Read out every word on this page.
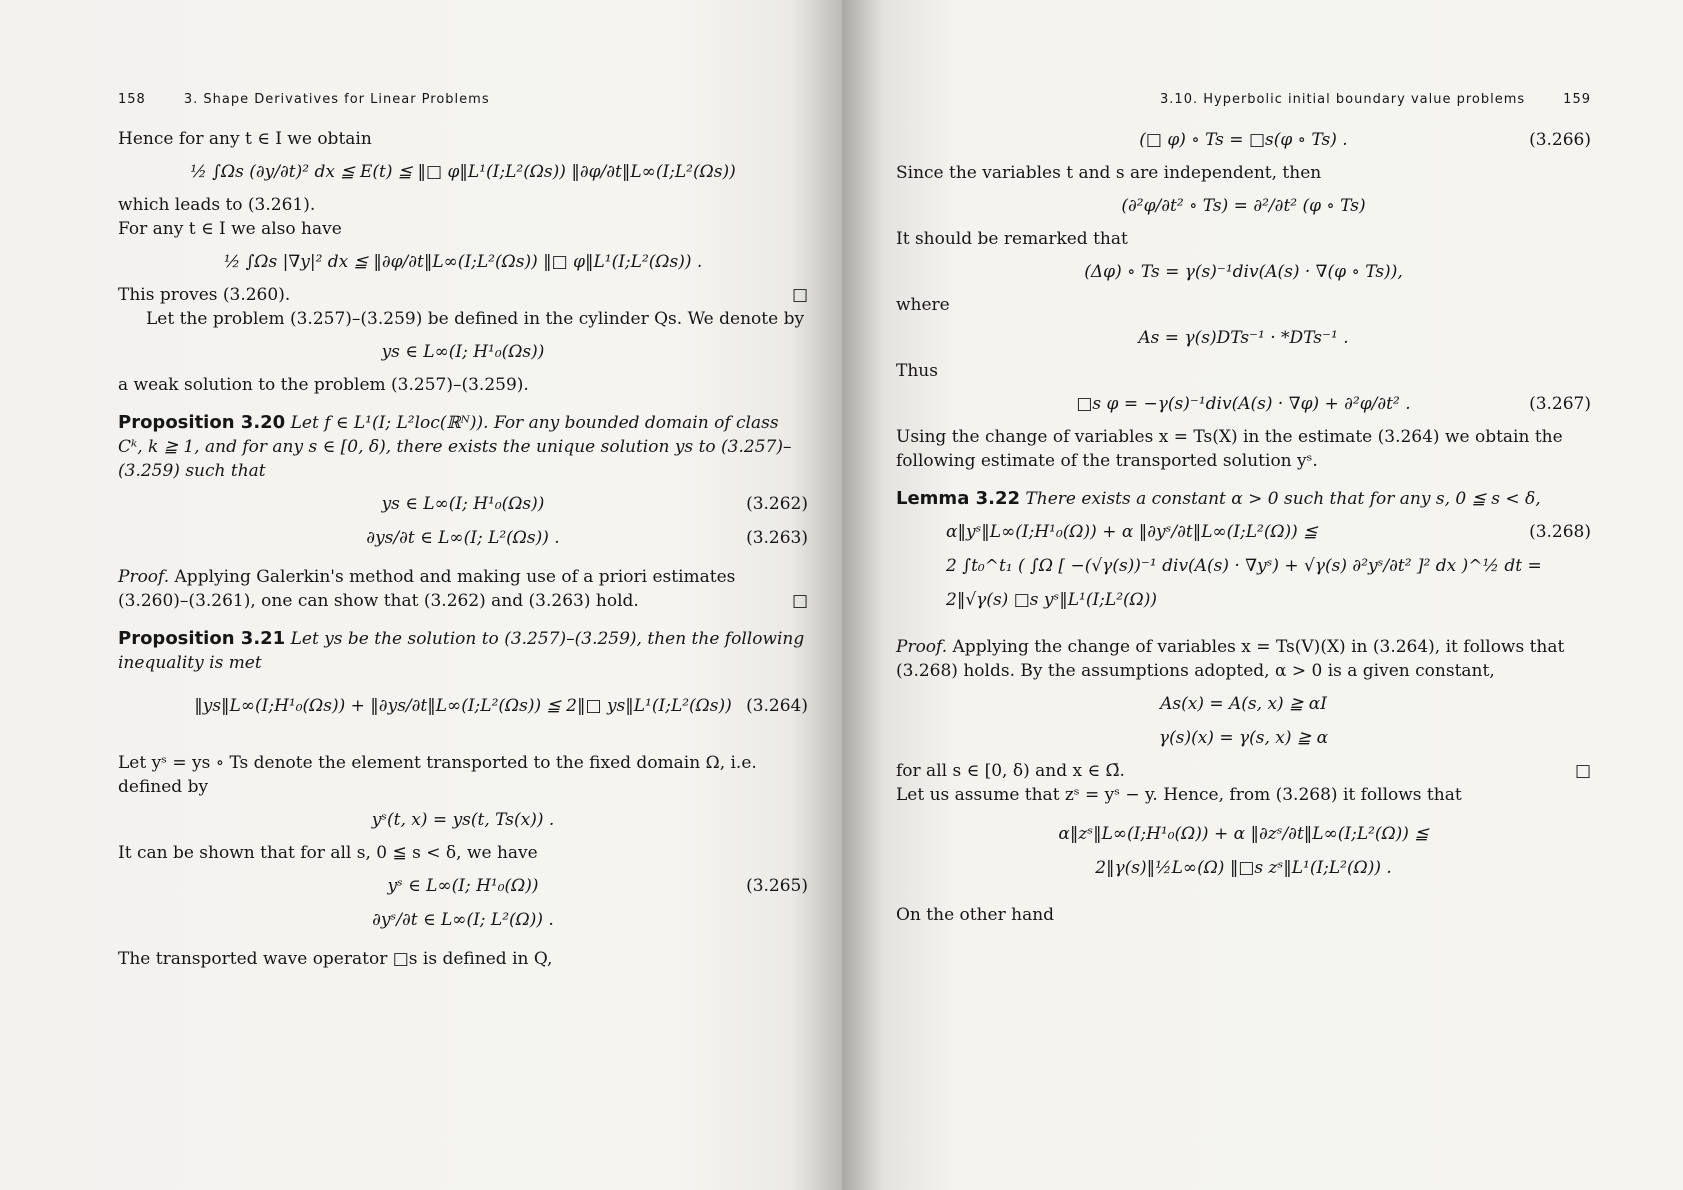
158	3. Shape Derivatives for Linear Problems

Hence for any t ∈ I we obtain

½ ∫Ωs (∂y/∂t)² dx ≦ E(t) ≦ ‖□ φ‖L¹(I;L²(Ωs)) ‖∂φ/∂t‖L∞(I;L²(Ωs))

which leads to (3.261).

For any t ∈ I we also have

½ ∫Ωs |∇y|² dx ≦ ‖∂φ/∂t‖L∞(I;L²(Ωs)) ‖□ φ‖L¹(I;L²(Ωs)) .

This proves (3.260).	□

Let the problem (3.257)–(3.259) be defined in the cylinder Qs. We denote by

ys ∈ L∞(I; H¹₀(Ωs))

a weak solution to the problem (3.257)–(3.259).

Proposition 3.20 Let f ∈ L¹(I; L²loc(ℝᴺ)). For any bounded domain of class Cᵏ, k ≧ 1, and for any s ∈ [0, δ), there exists the unique solution ys to (3.257)–(3.259) such that

ys ∈ L∞(I; H¹₀(Ωs))	(3.262)
∂ys/∂t ∈ L∞(I; L²(Ωs)) .	(3.263)

Proof. Applying Galerkin's method and making use of a priori estimates (3.260)–(3.261), one can show that (3.262) and (3.263) hold.	□

Proposition 3.21 Let ys be the solution to (3.257)–(3.259), then the following inequality is met

‖ys‖L∞(I;H¹₀(Ωs)) + ‖∂ys/∂t‖L∞(I;L²(Ωs)) ≦ 2‖□ ys‖L¹(I;L²(Ωs)) (3.264)

Let yˢ = ys ∘ Ts denote the element transported to the fixed domain Ω, i.e. defined by

yˢ(t, x) = ys(t, Ts(x)) .

It can be shown that for all s, 0 ≦ s < δ, we have

yˢ ∈ L∞(I; H¹₀(Ω))	(3.265)
∂yˢ/∂t ∈ L∞(I; L²(Ω)) .

The transported wave operator □s is defined in Q,

3.10. Hyperbolic initial boundary value problems	159
(□ φ) ∘ Ts = □s(φ ∘ Ts) .	(3.266)

Since the variables t and s are independent, then

(∂²φ/∂t² ∘ Ts) = ∂²/∂t² (φ ∘ Ts)

It should be remarked that

(Δφ) ∘ Ts = γ(s)⁻¹div(A(s) · ∇(φ ∘ Ts)),

where

As = γ(s)DTs⁻¹ · *DTs⁻¹ .

Thus

□s φ = −γ(s)⁻¹div(A(s) · ∇φ) + ∂²φ/∂t² .	(3.267)

Using the change of variables x = Ts(X) in the estimate (3.264) we obtain the following estimate of the transported solution yˢ.

Lemma 3.22 There exists a constant α > 0 such that for any s, 0 ≦ s < δ,

α‖yˢ‖L∞(I;H¹₀(Ω)) + α ‖∂yˢ/∂t‖L∞(I;L²(Ω)) ≦	(3.268)
2 ∫t₀^t₁ ( ∫Ω [ −(√γ(s))⁻¹ div(A(s) · ∇yˢ) + √γ(s) ∂²yˢ/∂t² ]² dx )^½ dt =
2‖√γ(s) □s yˢ‖L¹(I;L²(Ω))

Proof. Applying the change of variables x = Ts(V)(X) in (3.264), it follows that (3.268) holds. By the assumptions adopted, α > 0 is a given constant,

As(x) = A(s, x) ≧ αI
γ(s)(x) = γ(s, x) ≧ α

for all s ∈ [0, δ) and x ∈ Ω̄.	□

Let us assume that zˢ = yˢ − y. Hence, from (3.268) it follows that

α‖zˢ‖L∞(I;H¹₀(Ω)) + α ‖∂zˢ/∂t‖L∞(I;L²(Ω)) ≦
2‖γ(s)‖½L∞(Ω) ‖□s zˢ‖L¹(I;L²(Ω)) .

On the other hand
